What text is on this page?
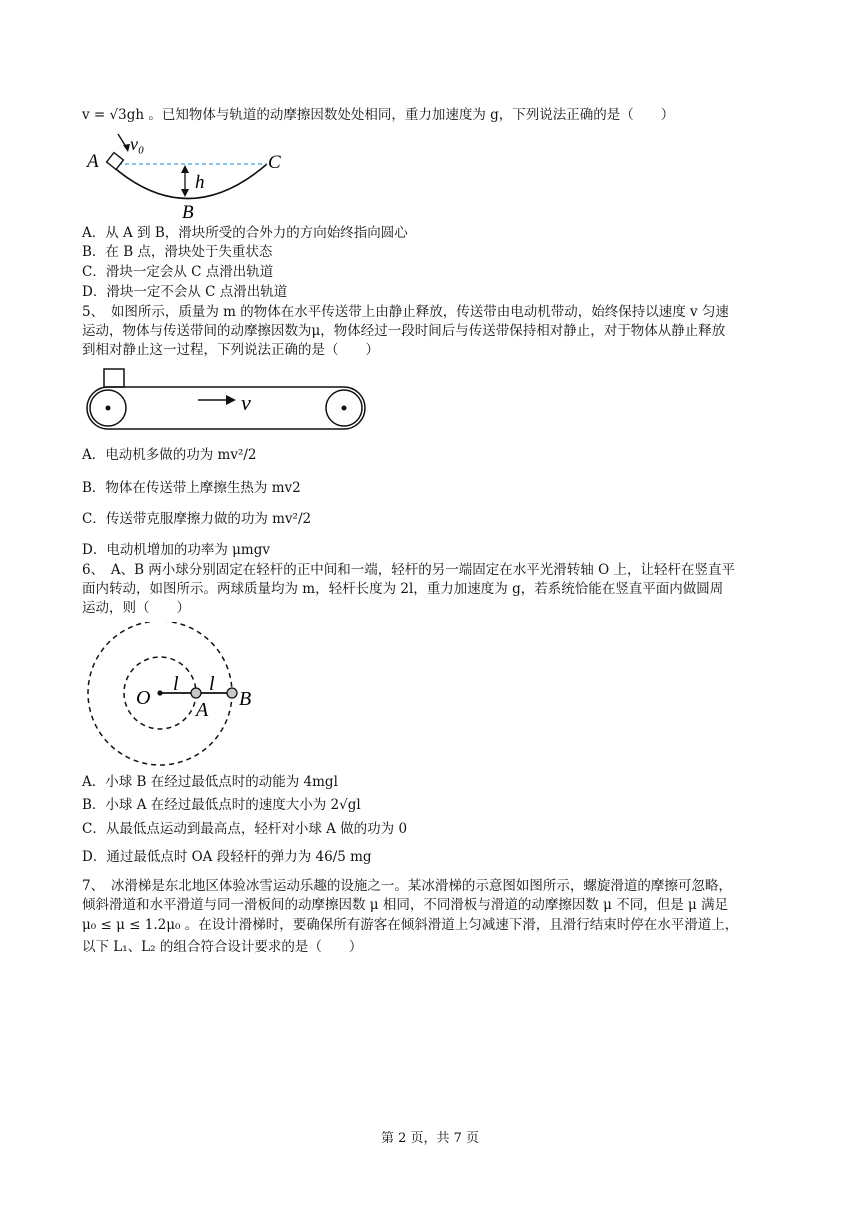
v = √3gh 。已知物体与轨道的动摩擦因数处处相同，重力加速度为 g，下列说法正确的是（　　）
v₀
A	C
h
B
A．从 A 到 B，滑块所受的合外力的方向始终指向圆心
B．在 B 点，滑块处于失重状态
C．滑块一定会从 C 点滑出轨道
D．滑块一定不会从 C 点滑出轨道
5、　如图所示，质量为 m 的物体在水平传送带上由静止释放，传送带由电动机带动，始终保持以速度 v 匀速
运动，物体与传送带间的动摩擦因数为μ，物体经过一段时间后与传送带保持相对静止，对于物体从静止释放
到相对静止这一过程，下列说法正确的是（　　）
v
A．电动机多做的功为 mv²/2
B．物体在传送带上摩擦生热为 mv2
C．传送带克服摩擦力做的功为 mv²/2
D．电动机增加的功率为 μmgv
6、　A、B 两小球分别固定在轻杆的正中间和一端，轻杆的另一端固定在水平光滑转轴 O 上，让轻杆在竖直平
面内转动，如图所示。两球质量均为 m，轻杆长度为 2l，重力加速度为 g，若系统恰能在竖直平面内做圆周
运动，则（　　）
O
l l
A B
A．小球 B 在经过最低点时的动能为 4mgl
B．小球 A 在经过最低点时的速度大小为 2√gl
C．从最低点运动到最高点，轻杆对小球 A 做的功为 0
D．通过最低点时 OA 段轻杆的弹力为 46/5 mg
7、　冰滑梯是东北地区体验冰雪运动乐趣的设施之一。某冰滑梯的示意图如图所示，螺旋滑道的摩擦可忽略，
倾斜滑道和水平滑道与同一滑板间的动摩擦因数 μ 相同，不同滑板与滑道的动摩擦因数 μ 不同，但是 μ 满足
μ₀ ≤ μ ≤ 1.2μ₀ 。在设计滑梯时，要确保所有游客在倾斜滑道上匀减速下滑，且滑行结束时停在水平滑道上，
以下 L₁、L₂ 的组合符合设计要求的是（　　）
第 2 页，共 7 页
